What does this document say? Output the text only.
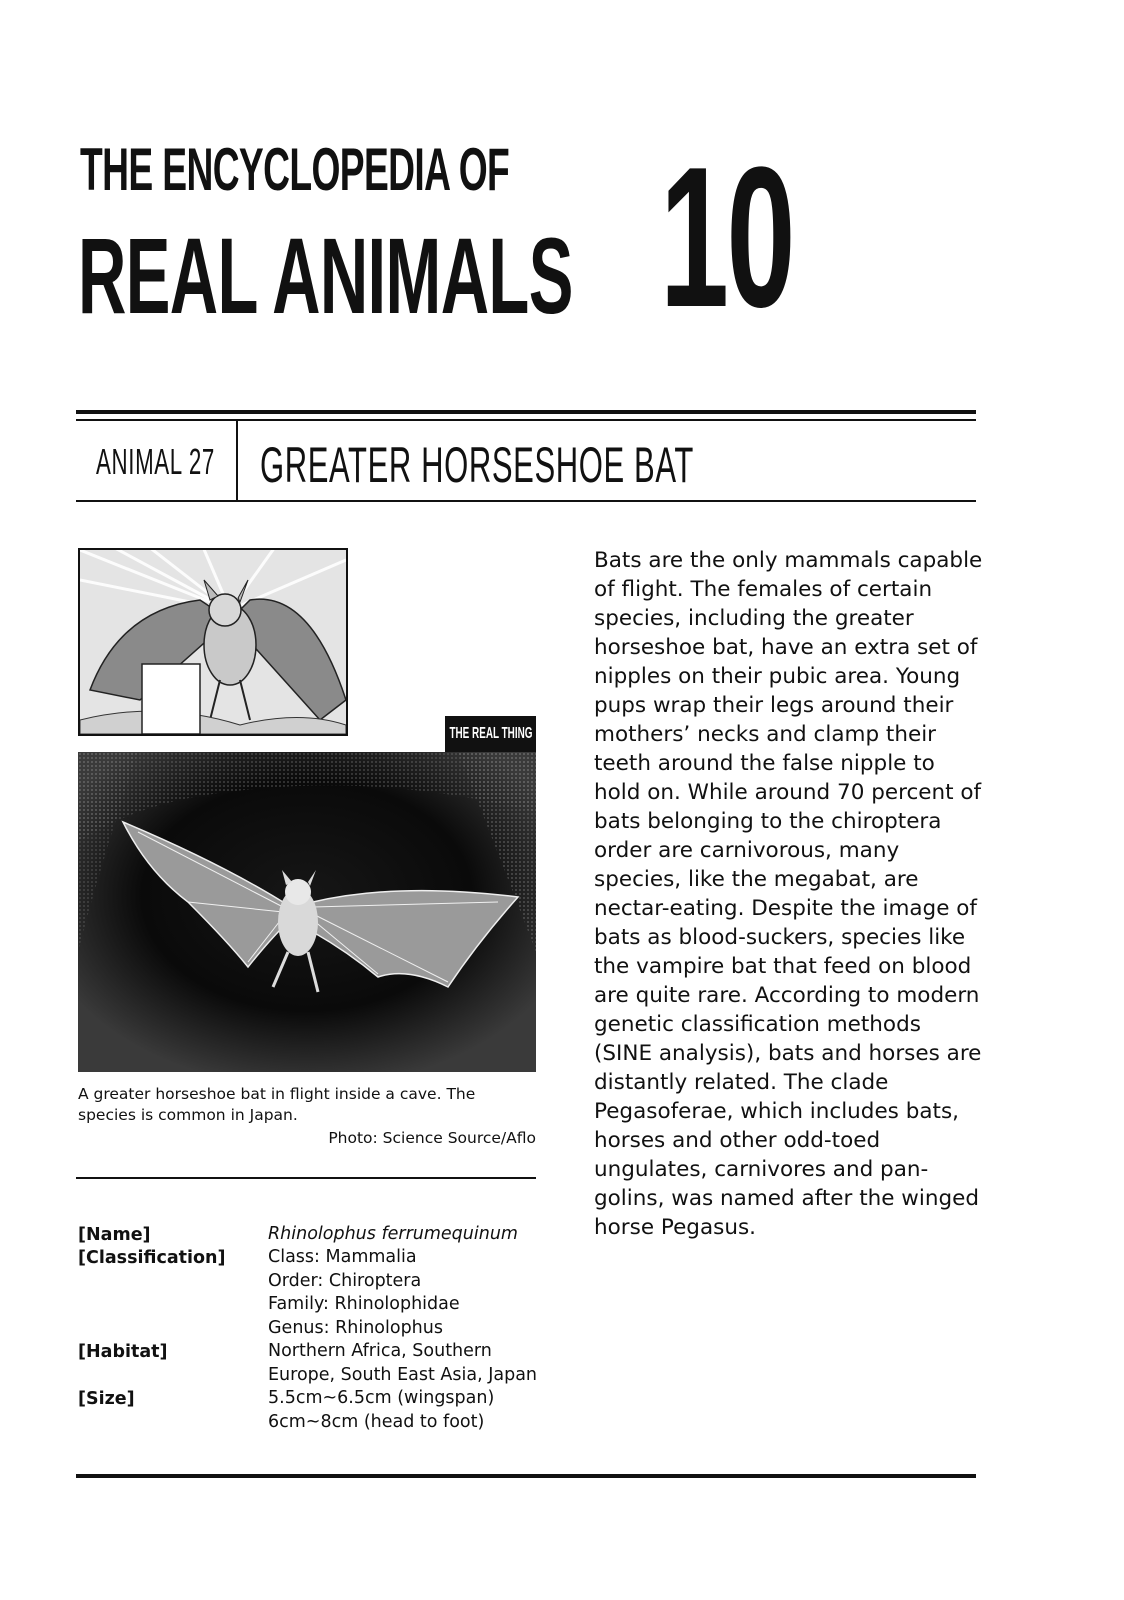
THE ENCYCLOPEDIA OF
REAL ANIMALS 10
ANIMAL 27 GREATER HORSESHOE BAT
THE REAL THING

A greater horseshoe bat in flight inside a cave. The species is common in Japan.

Photo: Science Source/Aflo

Bats are the only mammals capable of flight. The females of certain species, including the greater horseshoe bat, have an extra set of nipples on their pubic area. Young pups wrap their legs around their mothers’ necks and clamp their teeth around the false nipple to hold on. While around 70 percent of bats belonging to the chiroptera order are carnivorous, many species, like the megabat, are nectar-eating. Despite the image of bats as blood-suckers, species like the vampire bat that feed on blood are quite rare. According to modern genetic classification methods (SINE analysis), bats and horses are distantly related. The clade Pegasoferae, which includes bats, horses and other odd-toed ungulates, carnivores and pan-golins, was named after the winged horse Pegasus.

[Name]
[Classification]
[Habitat]
[Size]
Rhinolophus ferrumequinum
Class: Mammalia
Order: Chiroptera
Family: Rhinolophidae
Genus: Rhinolophus
Northern Africa, Southern
Europe, South East Asia, Japan
5.5cm~6.5cm (wingspan)
6cm~8cm (head to foot)
